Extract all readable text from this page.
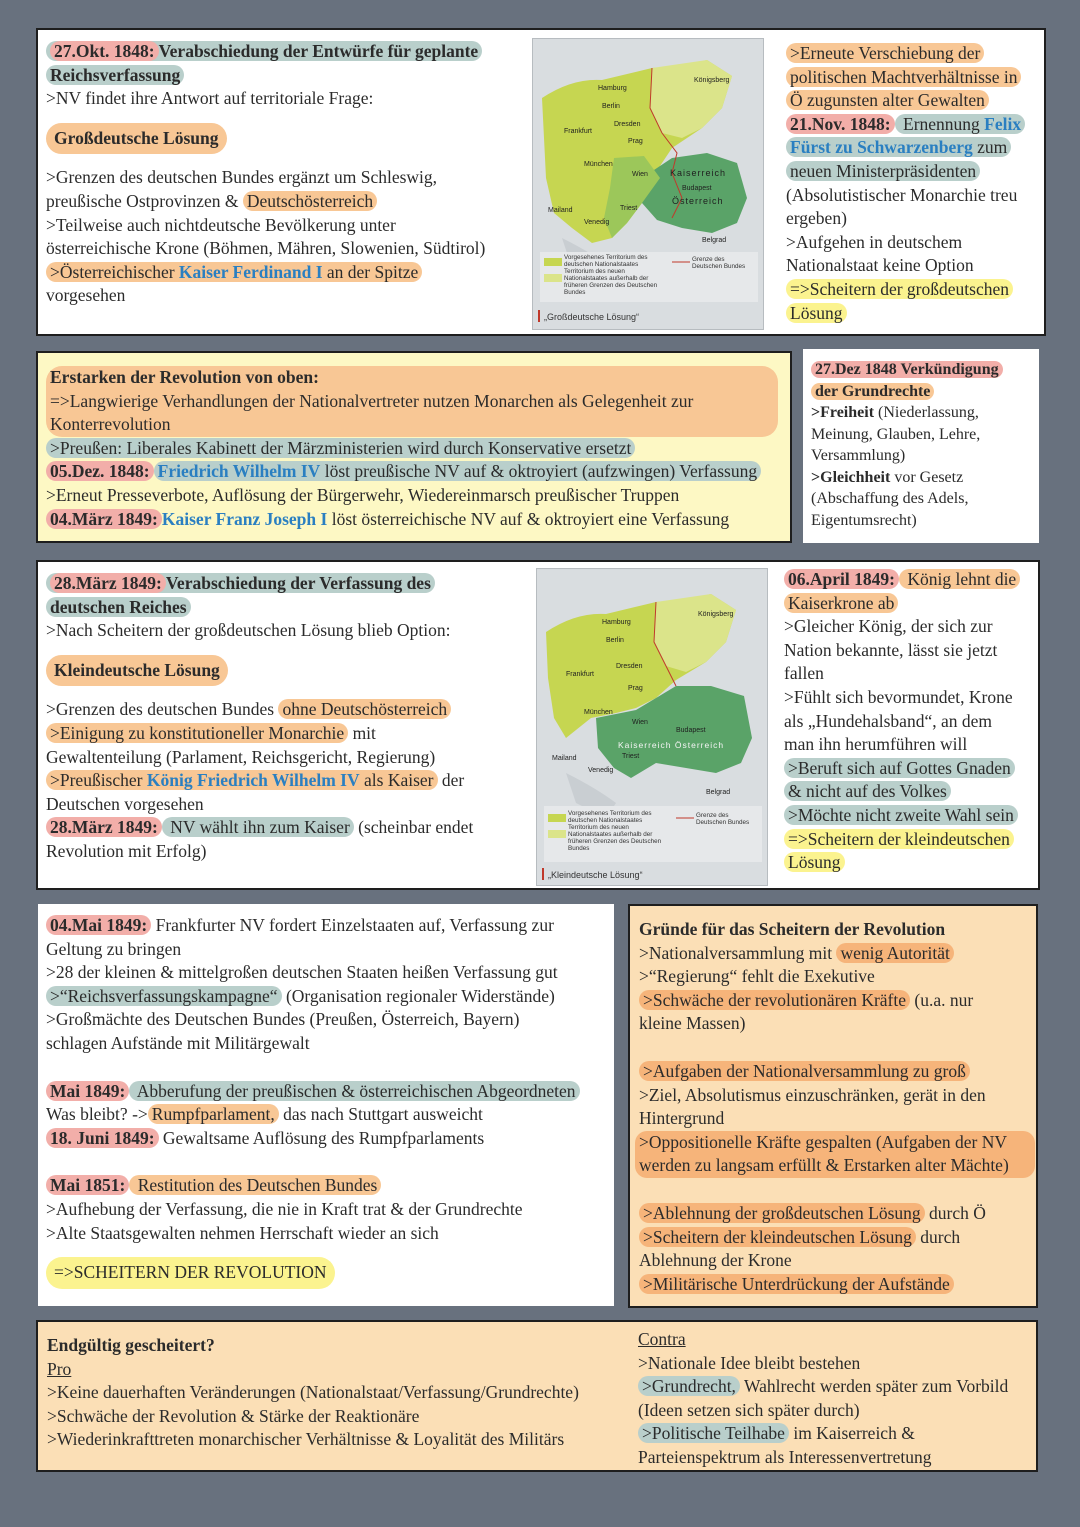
27.Okt. 1848: Verabschiedung der Entwürfe für geplante
Reichsverfassung
>NV findet ihre Antwort auf territoriale Frage:
Großdeutsche Lösung
>Grenzen des deutschen Bundes ergänzt um Schleswig,
preußische Ostprovinzen & Deutschösterreich
>Teilweise auch nichtdeutsche Bevölkerung unter
österreichische Krone (Böhmen, Mähren, Slowenien, Südtirol)
>Österreichischer Kaiser Ferdinand I an der Spitze
vorgesehen
Hamburg
Berlin
Königsberg
Frankfurt
Dresden
Prag
München
Wien Kaiserreich
Budapest
Österreich
Mailand
Venedig
Triest
Belgrad
Vorgesehenes Territorium des deutschen Nationalstaates
Territorium des neuen Nationalstaates außerhalb der früheren Grenzen des Deutschen Bundes
Grenze des Deutschen Bundes
„Großdeutsche Lösung“
>Erneute Verschiebung der
politischen Machtverhältnisse in
Ö zugunsten alter Gewalten
21.Nov. 1848: Ernennung Felix
Fürst zu Schwarzenberg zum
neuen Ministerpräsidenten
(Absolutistischer Monarchie treu
ergeben)
>Aufgehen in deutschem
Nationalstaat keine Option
=>Scheitern der großdeutschen
Lösung
Erstarken der Revolution von oben:
=>Langwierige Verhandlungen der Nationalvertreter nutzen Monarchen als Gelegenheit zur
Konterrevolution
>Preußen: Liberales Kabinett der Märzministerien wird durch Konservative ersetzt
05.Dez. 1848: Friedrich Wilhelm IV löst preußische NV auf & oktroyiert (aufzwingen) Verfassung
>Erneut Presseverbote, Auflösung der Bürgerwehr, Wiedereinmarsch preußischer Truppen
04.März 1849: Kaiser Franz Joseph I löst österreichische NV auf & oktroyiert eine Verfassung
27.Dez 1848 Verkündigung
der Grundrechte
>Freiheit (Niederlassung,
Meinung, Glauben, Lehre,
Versammlung)
>Gleichheit vor Gesetz
(Abschaffung des Adels,
Eigentumsrecht)
28.März 1849: Verabschiedung der Verfassung des
deutschen Reiches
>Nach Scheitern der großdeutschen Lösung blieb Option:
Kleindeutsche Lösung
>Grenzen des deutschen Bundes ohne Deutschösterreich
>Einigung zu konstitutioneller Monarchie mit
Gewaltenteilung (Parlament, Reichsgericht, Regierung)
>Preußischer König Friedrich Wilhelm IV als Kaiser der
Deutschen vorgesehen
28.März 1849: NV wählt ihn zum Kaiser (scheinbar endet
Revolution mit Erfolg)
Hamburg
Berlin
Königsberg
Frankfurt
Dresden
Prag
München
Wien
Budapest
Kaiserreich Österreich
Mailand
Venedig
Triest
Belgrad
Vorgesehenes Territorium des deutschen Nationalstaates
Territorium des neuen Nationalstaates außerhalb der früheren Grenzen des Deutschen Bundes
Grenze des Deutschen Bundes
„Kleindeutsche Lösung“
06.April 1849: König lehnt die
Kaiserkrone ab
>Gleicher König, der sich zur
Nation bekannte, lässt sie jetzt
fallen
>Fühlt sich bevormundet, Krone
als „Hundehalsband“, an dem
man ihn herumführen will
>Beruft sich auf Gottes Gnaden
& nicht auf des Volkes
>Möchte nicht zweite Wahl sein
=>Scheitern der kleindeutschen
Lösung
04.Mai 1849: Frankfurter NV fordert Einzelstaaten auf, Verfassung zur
Geltung zu bringen
>28 der kleinen & mittelgroßen deutschen Staaten heißen Verfassung gut
>“Reichsverfassungskampagne“ (Organisation regionaler Widerstände)
>Großmächte des Deutschen Bundes (Preußen, Österreich, Bayern)
schlagen Aufstände mit Militärgewalt
Mai 1849: Abberufung der preußischen & österreichischen Abgeordneten
Was bleibt? -> Rumpfparlament, das nach Stuttgart ausweicht
18. Juni 1849: Gewaltsame Auflösung des Rumpfparlaments
Mai 1851: Restitution des Deutschen Bundes
>Aufhebung der Verfassung, die nie in Kraft trat & der Grundrechte
>Alte Staatsgewalten nehmen Herrschaft wieder an sich
=>SCHEITERN DER REVOLUTION
Gründe für das Scheitern der Revolution
>Nationalversammlung mit wenig Autorität
>“Regierung“ fehlt die Exekutive
>Schwäche der revolutionären Kräfte (u.a. nur
kleine Massen)
>Aufgaben der Nationalversammlung zu groß
>Ziel, Absolutismus einzuschränken, gerät in den
Hintergrund
>Oppositionelle Kräfte gespalten (Aufgaben der NV
werden zu langsam erfüllt & Erstarken alter Mächte)
>Ablehnung der großdeutschen Lösung durch Ö
>Scheitern der kleindeutschen Lösung durch
Ablehnung der Krone
>Militärische Unterdrückung der Aufstände
Endgültig gescheitert?
Pro
>Keine dauerhaften Veränderungen (Nationalstaat/Verfassung/Grundrechte)
>Schwäche der Revolution & Stärke der Reaktionäre
>Wiederinkrafttreten monarchischer Verhältnisse & Loyalität des Militärs
Contra
>Nationale Idee bleibt bestehen
>Grundrecht, Wahlrecht werden später zum Vorbild
(Ideen setzen sich später durch)
>Politische Teilhabe im Kaiserreich &
Parteienspektrum als Interessenvertretung
